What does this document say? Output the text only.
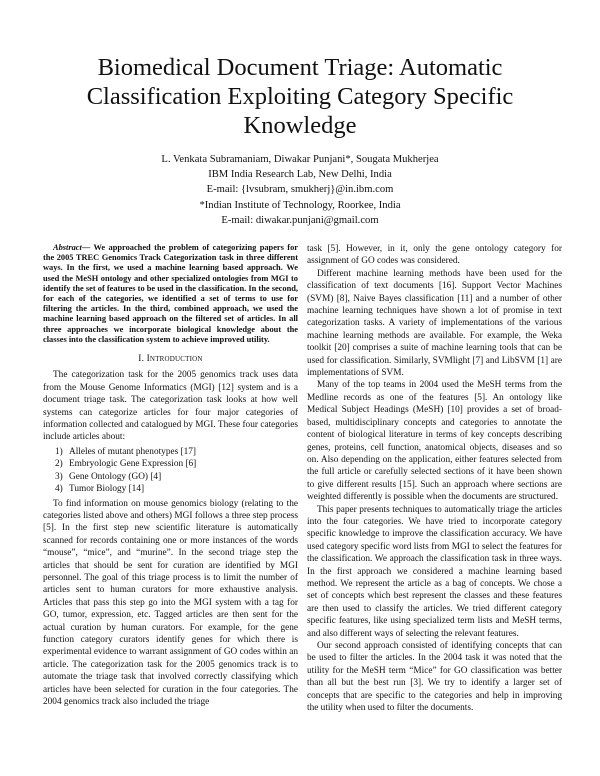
Biomedical Document Triage: Automatic
Classification Exploiting Category Specific
Knowledge
L. Venkata Subramaniam, Diwakar Punjani*, Sougata Mukherjea
IBM India Research Lab, New Delhi, India
E-mail: {lvsubram, smukherj}@in.ibm.com
*Indian Institute of Technology, Roorkee, India
E-mail: diwakar.punjani@gmail.com

Abstract— We approached the problem of categorizing papers for the 2005 TREC Genomics Track Categorization task in three different ways. In the first, we used a machine learning based approach. We used the MeSH ontology and other specialized ontologies from MGI to identify the set of features to be used in the classification. In the second, for each of the categories, we identified a set of terms to use for filtering the articles. In the third, combined approach, we used the machine learning based approach on the filtered set of articles. In all three approaches we incorporate biological knowledge about the classes into the classification system to achieve improved utility.

I. Introduction

The categorization task for the 2005 genomics track uses data from the Mouse Genome Informatics (MGI) [12] system and is a document triage task. The categorization task looks at how well systems can categorize articles for four major categories of information collected and catalogued by MGI. These four categories include articles about:

1) Alleles of mutant phenotypes [17]
2) Embryologic Gene Expression [6]
3) Gene Ontology (GO) [4]
4) Tumor Biology [14]

To find information on mouse genomics biology (relating to the categories listed above and others) MGI follows a three step process [5]. In the first step new scientific literature is automatically scanned for records containing one or more instances of the words “mouse”, “mice”, and “murine”. In the second triage step the articles that should be sent for curation are identified by MGI personnel. The goal of this triage process is to limit the number of articles sent to human curators for more exhaustive analysis. Articles that pass this step go into the MGI system with a tag for GO, tumor, expression, etc. Tagged articles are then sent for the actual curation by human curators. For example, for the gene function category curators identify genes for which there is experimental evidence to warrant assignment of GO codes within an article. The categorization task for the 2005 genomics track is to automate the triage task that involved correctly classifying which articles have been selected for curation in the four categories. The 2004 genomics track also included the triage

task [5]. However, in it, only the gene ontology category for assignment of GO codes was considered.

Different machine learning methods have been used for the classification of text documents [16]. Support Vector Machines (SVM) [8], Naive Bayes classification [11] and a number of other machine learning techniques have shown a lot of promise in text categorization tasks. A variety of implementations of the various machine learning methods are available. For example, the Weka toolkit [20] comprises a suite of machine learning tools that can be used for classification. Similarly, SVMlight [7] and LibSVM [1] are implementations of SVM.

Many of the top teams in 2004 used the MeSH terms from the Medline records as one of the features [5]. An ontology like Medical Subject Headings (MeSH) [10] provides a set of broad-based, multidisciplinary concepts and categories to annotate the content of biological literature in terms of key concepts describing genes, proteins, cell function, anatomical objects, diseases and so on. Also depending on the application, either features selected from the full article or carefully selected sections of it have been shown to give different results [15]. Such an approach where sections are weighted differently is possible when the documents are structured.

This paper presents techniques to automatically triage the articles into the four categories. We have tried to incorporate category specific knowledge to improve the classification accuracy. We have used category specific word lists from MGI to select the features for the classification. We approach the classification task in three ways. In the first approach we considered a machine learning based method. We represent the article as a bag of concepts. We chose a set of concepts which best represent the classes and these features are then used to classify the articles. We tried different category specific features, like using specialized term lists and MeSH terms, and also different ways of selecting the relevant features.

Our second approach consisted of identifying concepts that can be used to filter the articles. In the 2004 task it was noted that the utility for the MeSH term “Mice” for GO classification was better than all but the best run [3]. We try to identify a larger set of concepts that are specific to the categories and help in improving the utility when used to filter the documents.
